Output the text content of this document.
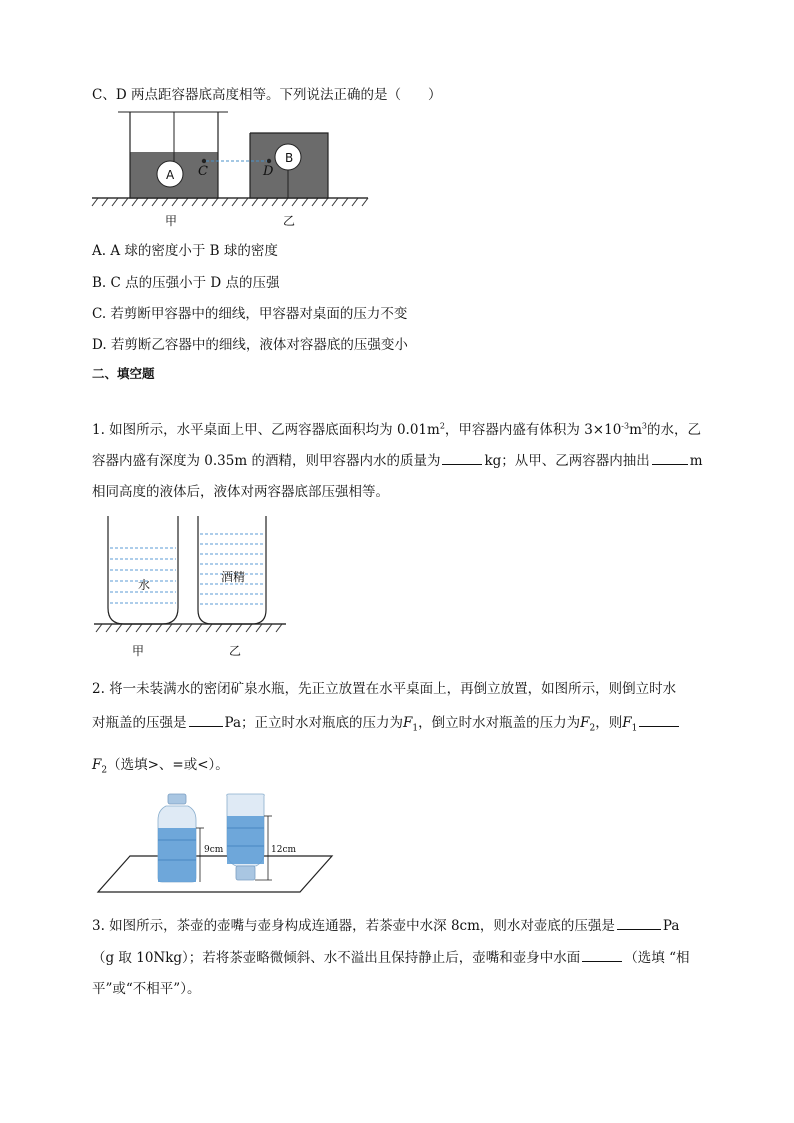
C、D 两点距容器底高度相等。下列说法正确的是（　　）
A
B
C	D
甲	乙
A. A 球的密度小于 B 球的密度
B. C 点的压强小于 D 点的压强
C. 若剪断甲容器中的细线，甲容器对桌面的压力不变
D. 若剪断乙容器中的细线，液体对容器底的压强变小
二、填空题
1. 如图所示，水平桌面上甲、乙两容器底面积均为 $0.01m^2$，甲容器内盛有体积为 $3\times 10^{-3}m^3$的水，乙
容器内盛有深度为 0.35m 的酒精，则甲容器内水的质量为	kg；从甲、乙两容器内抽出	m
相同高度的液体后，液体对两容器底部压强相等。
水
酒精
甲	乙
2. 将一未装满水的密闭矿泉水瓶，先正立放置在水平桌面上，再倒立放置，如图所示，则倒立时水
对瓶盖的压强是	Pa；正立时水对瓶底的压力为$F_1$，倒立时水对瓶盖的压力为$F_2$，则$F_1$
$F_2$（选填>、=或<）。
9cm	12cm
3. 如图所示，茶壶的壶嘴与壶身构成连通器，若茶壶中水深 8cm，则水对壶底的压强是	Pa
（g 取 10Nkg）；若将茶壶略微倾斜、水不溢出且保持静止后，壶嘴和壶身中水面	（选填 “相
平”或“不相平”）。
